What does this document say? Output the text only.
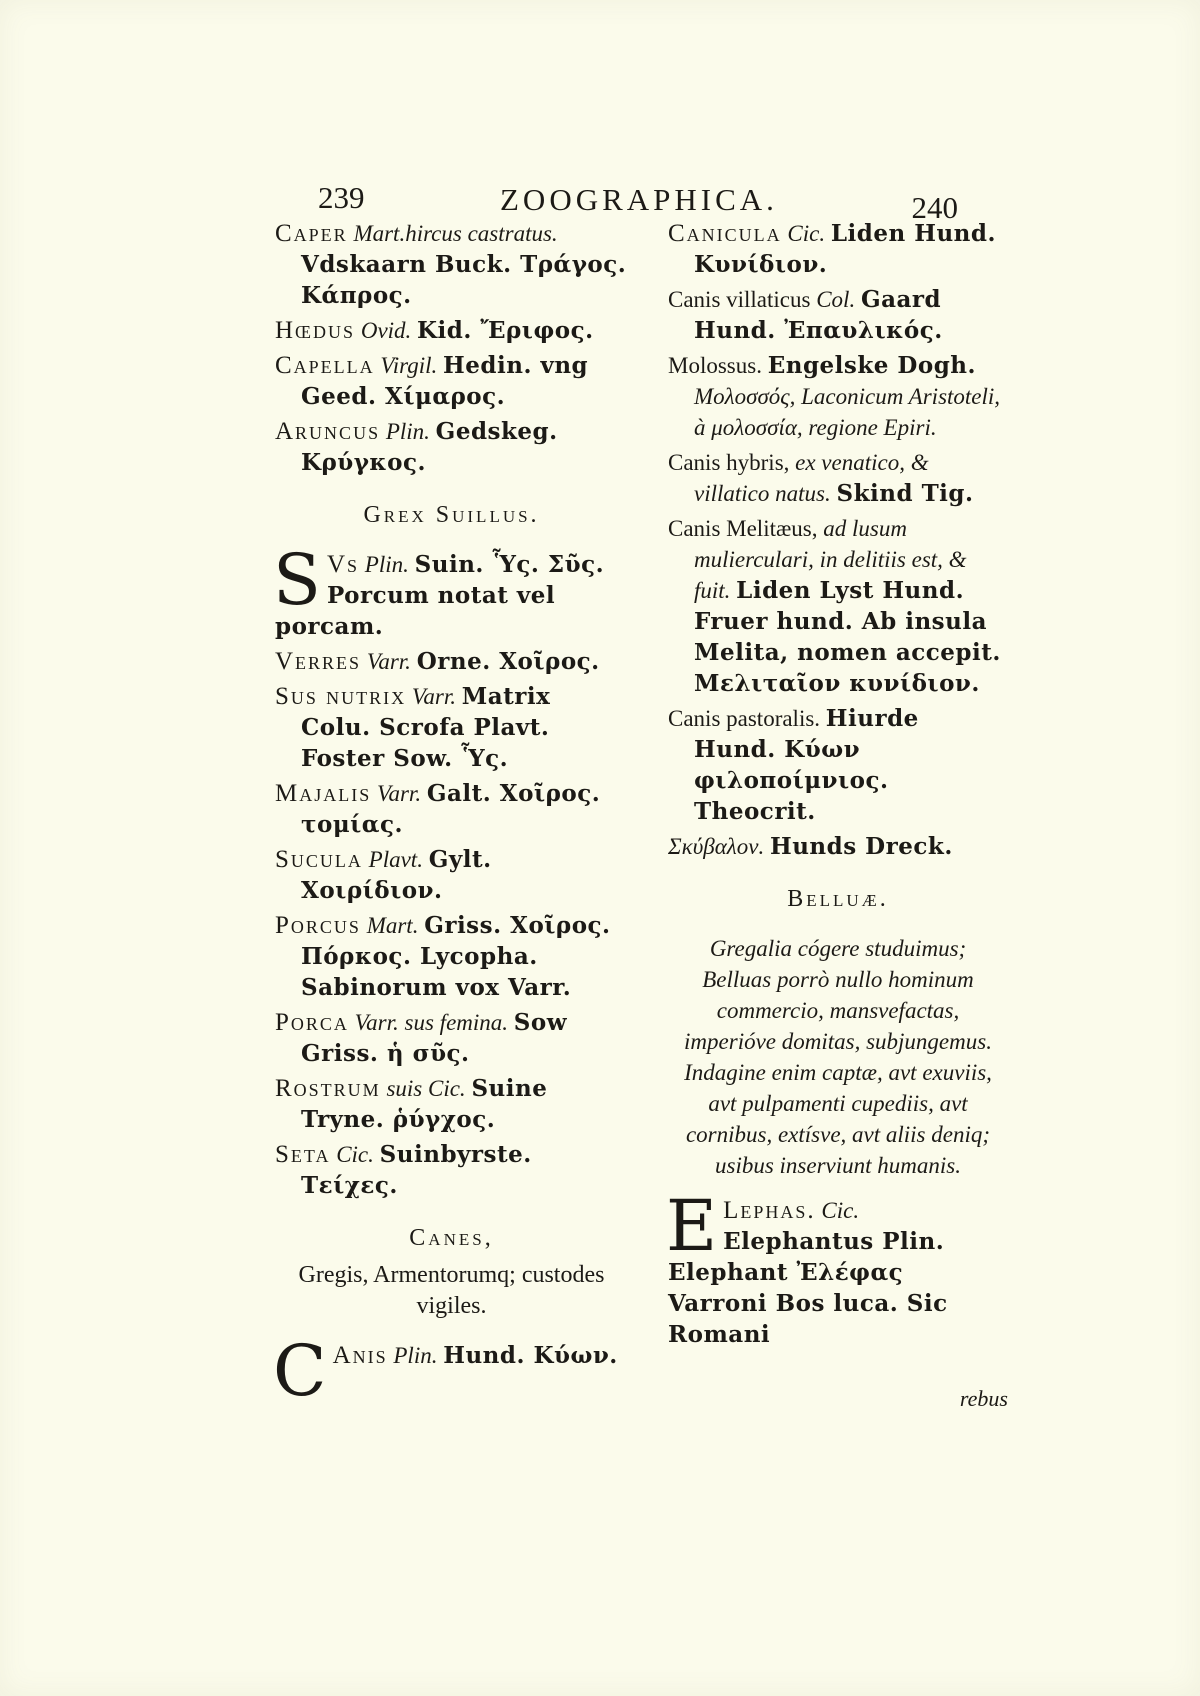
239	ZOOGRAPHICA.	240

Caper Mart.hircus castratus. Vdskaarn Buck. Τράγος. Κάπρος.

Hœdus Ovid. Kid. Ἔριφος.

Capella Virgil. Hedin. vng Geed. Χίμαρος.

Aruncus Plin. Gedskeg. Κρύγκος.

Grex Suillus.

S Vs Plin. Suin. Ὗς. Σῦς. Porcum notat vel porcam.

Verres Varr. Orne. Χοῖρος.

Sus nutrix Varr. Matrix Colu. Scrofa Plavt. Foster Sow. Ὗς.

Majalis Varr. Galt. Χοῖρος. τομίας.

Sucula Plavt. Gylt. Χοιρίδιον.

Porcus Mart. Griss. Χοῖρος. Πόρκος. Lycopha. Sabinorum vox Varr.

Porca Varr. sus femina. Sow Griss. ἡ σῦς.

Rostrum suis Cic. Suine Tryne. ῥύγχος.

Seta Cic. Suinbyrste. Τείχες.

Canes,
Gregis, Armentorumq; custodes vigiles.

C Anis Plin. Hund. Κύων.

Canicula Cic. Liden Hund. Κυνίδιον.

Canis villaticus Col. Gaard Hund. Ἐπαυλικός.

Molossus. Engelske Dogh. Μολοσσός, Laconicum Aristoteli, à μολοσσία, regione Epiri.

Canis hybris, ex venatico, & villatico natus. Skind Tig.

Canis Melitæus, ad lusum mulierculari, in delitiis est, & fuit. Liden Lyst Hund. Fruer hund. Ab insula Melita, nomen accepit. Μελιταῖον κυνίδιον.

Canis pastoralis. Hiurde Hund. Κύων φιλοποίμνιος. Theocrit.

Σκύβαλον. Hunds Dreck.

Belluæ.

Gregalia cógere studuimus; Belluas porrò nullo hominum commercio, mansvefactas, imperióve domitas, subjungemus. Indagine enim captæ, avt exuviis, avt pulpamenti cupediis, avt cornibus, extísve, avt aliis deniq; usibus inserviunt humanis.

E Lephas. Cic. Elephantus Plin. Elephant Ἐλέφας Varroni Bos luca. Sic Romani

rebus
